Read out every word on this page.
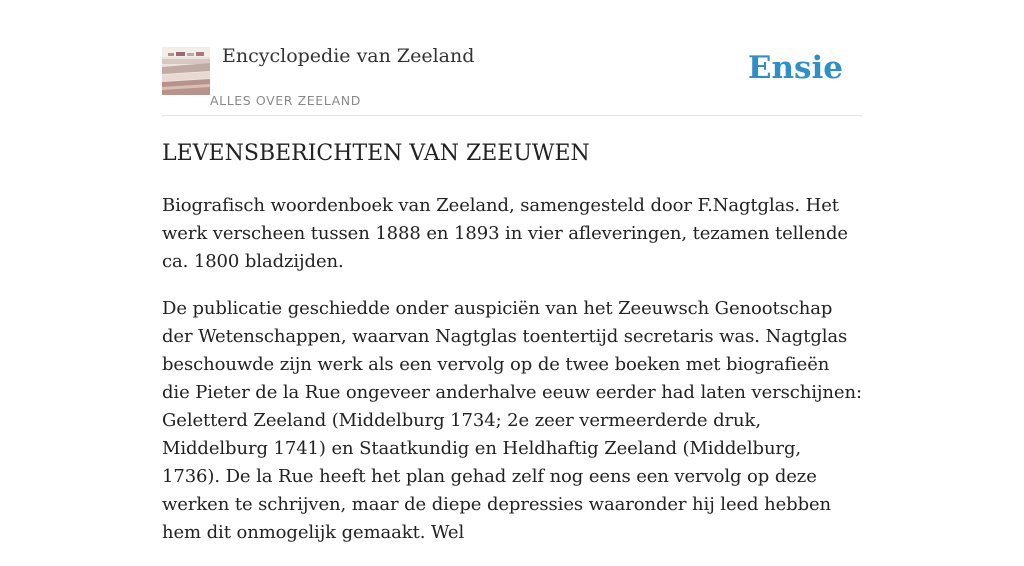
Encyclopedie van Zeeland
ALLES OVER ZEELAND
Ensie
LEVENSBERICHTEN VAN ZEEUWEN

Biografisch woordenboek van Zeeland, samengesteld door F.Nagtglas. Het werk verscheen tussen 1888 en 1893 in vier afleveringen, tezamen tellende ca. 1800 bladzijden.

De publicatie geschiedde onder auspiciën van het Zeeuwsch Genootschap der Wetenschappen, waarvan Nagtglas toentertijd secretaris was. Nagtglas beschouwde zijn werk als een vervolg op de twee boeken met biografieën die Pieter de la Rue ongeveer anderhalve eeuw eerder had laten verschijnen: Geletterd Zeeland (Middelburg 1734; 2e zeer vermeerderde druk, Middelburg 1741) en Staatkundig en Heldhaftig Zeeland (Middelburg, 1736). De la Rue heeft het plan gehad zelf nog eens een vervolg op deze werken te schrijven, maar de diepe depressies waaronder hij leed hebben hem dit onmogelijk gemaakt. Wel
